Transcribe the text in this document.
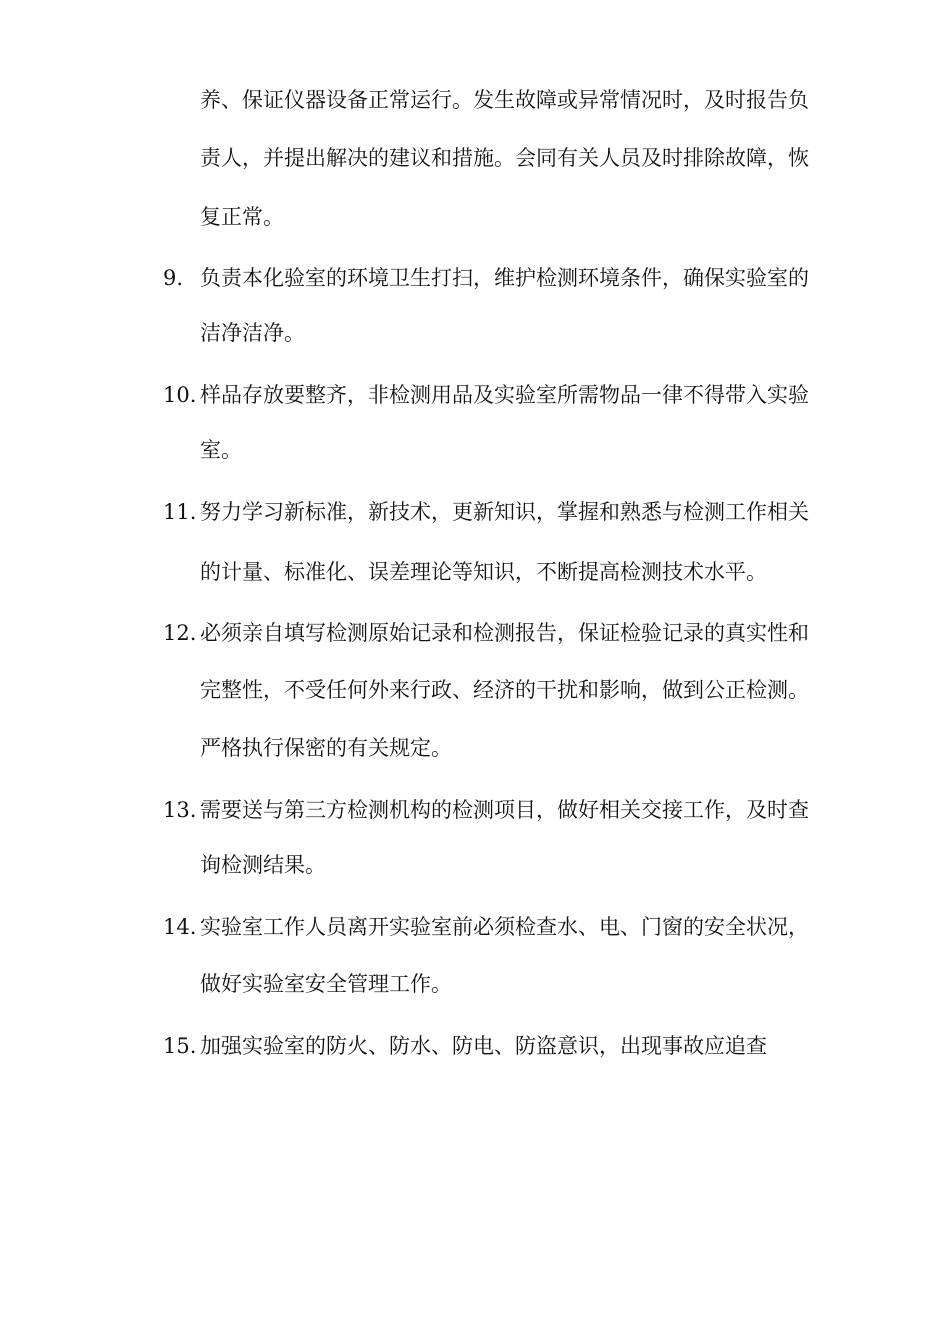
养、保证仪器设备正常运行。发生故障或异常情况时，及时报告负
责人，并提出解决的建议和措施。会同有关人员及时排除故障，恢
复正常。
9. 负责本化验室的环境卫生打扫，维护检测环境条件，确保实验室的
洁净洁净。
10. 样品存放要整齐，非检测用品及实验室所需物品一律不得带入实验
室。
11. 努力学习新标准，新技术，更新知识，掌握和熟悉与检测工作相关
的计量、标准化、误差理论等知识，不断提高检测技术水平。
12. 必须亲自填写检测原始记录和检测报告，保证检验记录的真实性和
完整性，不受任何外来行政、经济的干扰和影响，做到公正检测。
严格执行保密的有关规定。
13. 需要送与第三方检测机构的检测项目，做好相关交接工作，及时查
询检测结果。
14. 实验室工作人员离开实验室前必须检查水、电、门窗的安全状况，
做好实验室安全管理工作。
15. 加强实验室的防火、防水、防电、防盗意识，出现事故应追查
